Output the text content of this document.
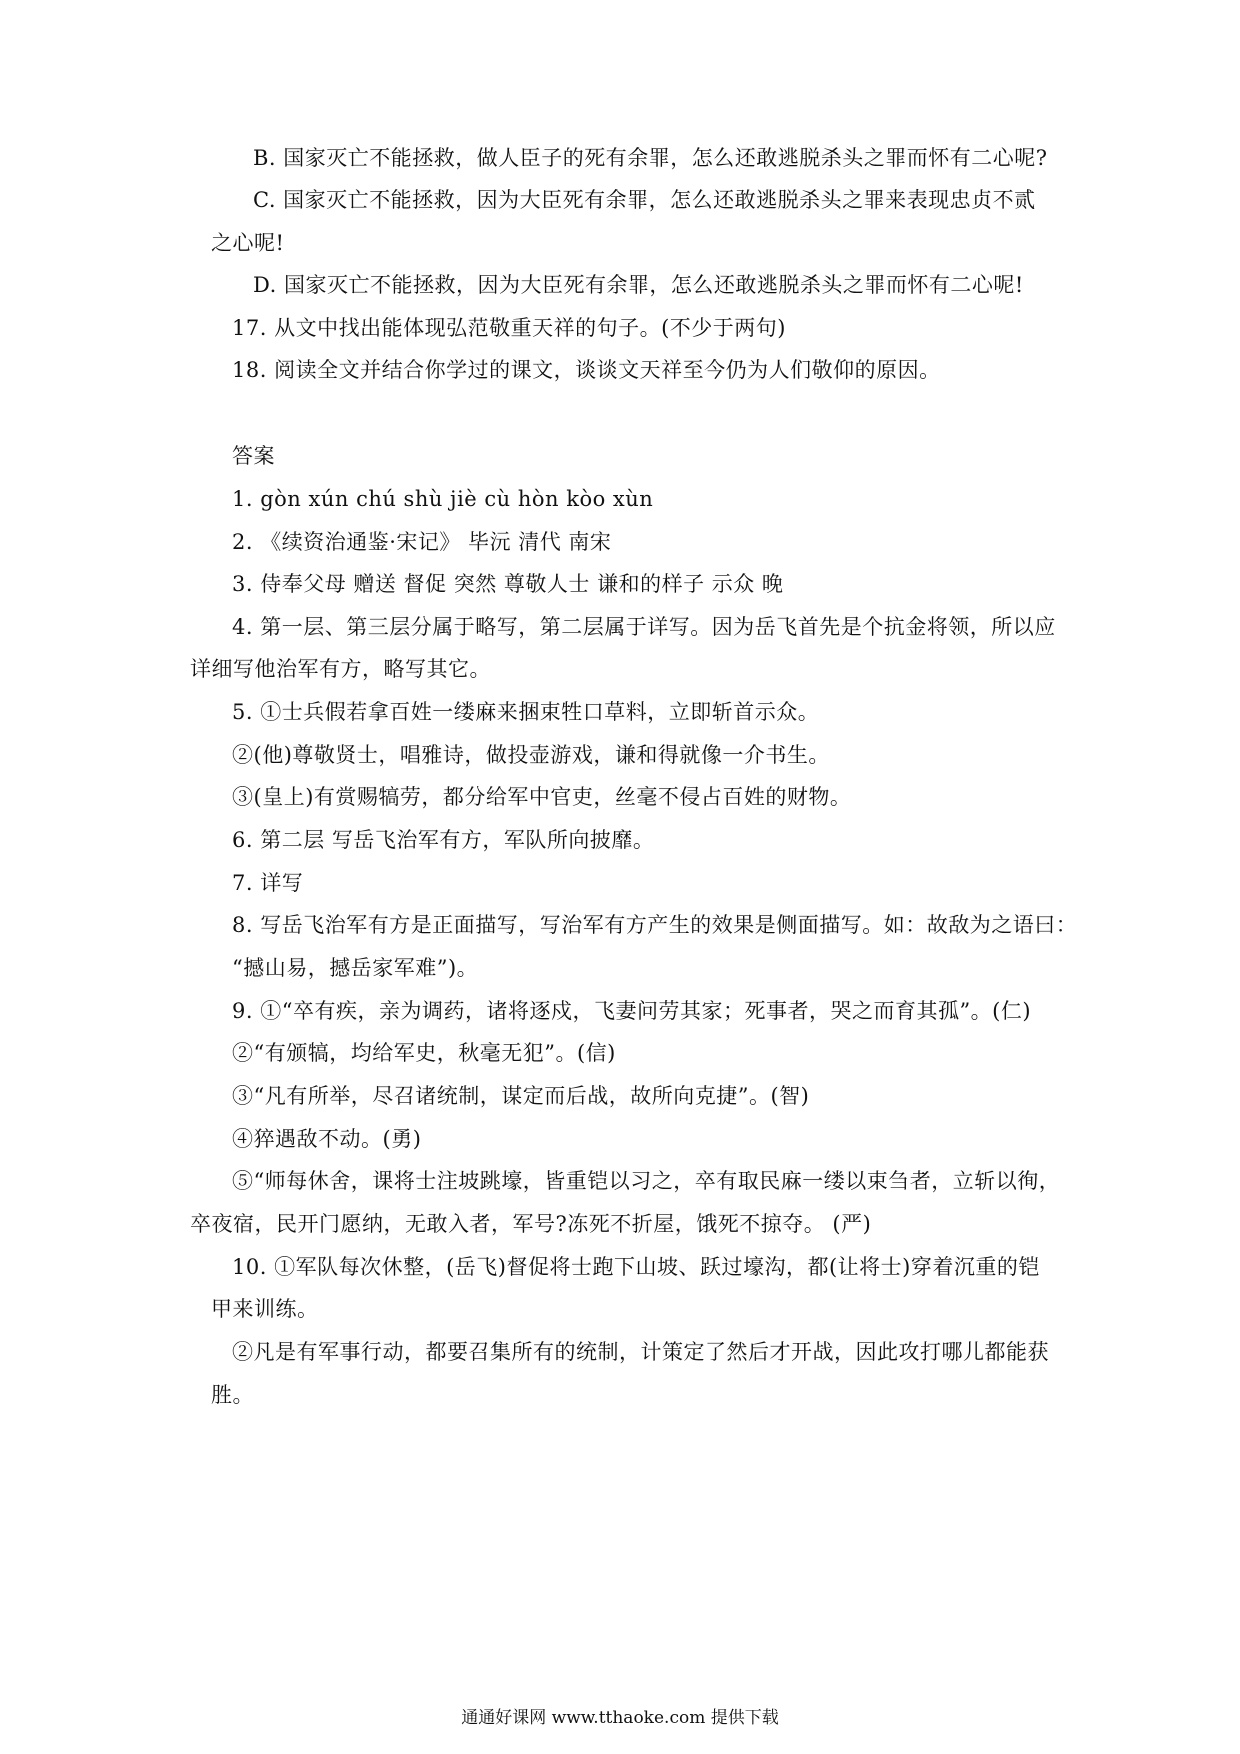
B. 国家灭亡不能拯救，做人臣子的死有余罪，怎么还敢逃脱杀头之罪而怀有二心呢?
C. 国家灭亡不能拯救，因为大臣死有余罪，怎么还敢逃脱杀头之罪来表现忠贞不贰
之心呢!
D. 国家灭亡不能拯救，因为大臣死有余罪，怎么还敢逃脱杀头之罪而怀有二心呢!
17. 从文中找出能体现弘范敬重天祥的句子。(不少于两句)
18. 阅读全文并结合你学过的课文，谈谈文天祥至今仍为人们敬仰的原因。
答案
1. gòn xún chú shù jiè cù hòn kòo xùn
2. 《续资治通鉴·宋记》 毕沅 清代 南宋
3. 侍奉父母 赠送 督促 突然 尊敬人士 谦和的样子 示众 晚
4. 第一层、第三层分属于略写，第二层属于详写。因为岳飞首先是个抗金将领，所以应
详细写他治军有方，略写其它。
5. ①士兵假若拿百姓一缕麻来捆束牲口草料，立即斩首示众。
②(他)尊敬贤士，唱雅诗，做投壶游戏，谦和得就像一介书生。
③(皇上)有赏赐犒劳，都分给军中官吏，丝毫不侵占百姓的财物。
6. 第二层 写岳飞治军有方，军队所向披靡。
7. 详写
8. 写岳飞治军有方是正面描写，写治军有方产生的效果是侧面描写。如：故敌为之语曰：
“撼山易，撼岳家军难”)。
9. ①“卒有疾，亲为调药，诸将逐戍，飞妻问劳其家；死事者，哭之而育其孤”。(仁)
②“有颁犒，均给军史，秋毫无犯”。(信)
③“凡有所举，尽召诸统制，谋定而后战，故所向克捷”。(智)
④猝遇敌不动。(勇)
⑤“师每休舍，课将士注坡跳壕，皆重铠以习之，卒有取民麻一缕以束刍者，立斩以徇，
卒夜宿，民开门愿纳，无敢入者，军号?冻死不折屋，饿死不掠夺。 (严)
10. ①军队每次休整，(岳飞)督促将士跑下山坡、跃过壕沟，都(让将士)穿着沉重的铠
甲来训练。
②凡是有军事行动，都要召集所有的统制，计策定了然后才开战，因此攻打哪儿都能获
胜。
通通好课网 www.tthaoke.com 提供下载
